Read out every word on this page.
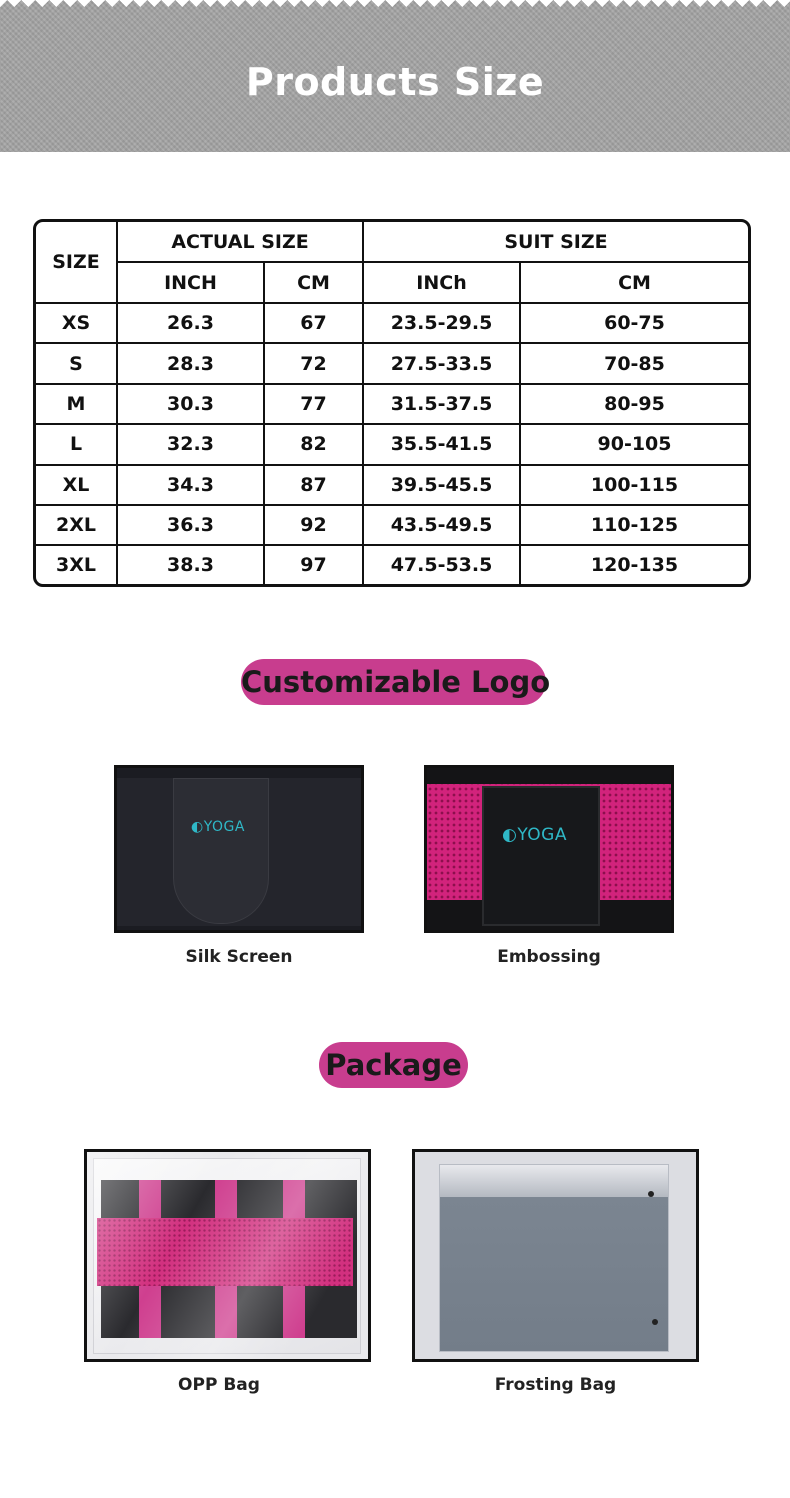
Products Size
SIZE	ACTUAL SIZE		SUIT SIZE	
	INCH	CM	INCh	CM
XS	26.3	67	23.5-29.5	60-75
S	28.3	72	27.5-33.5	70-85
M	30.3	77	31.5-37.5	80-95
L	32.3	82	35.5-41.5	90-105
XL	34.3	87	39.5-45.5	100-115
2XL	36.3	92	43.5-49.5	110-125
3XL	38.3	97	47.5-53.5	120-135
Customizable Logo
◐YOGA
Silk Screen
◐YOGA
Embossing
Package
OPP Bag	Frosting Bag
